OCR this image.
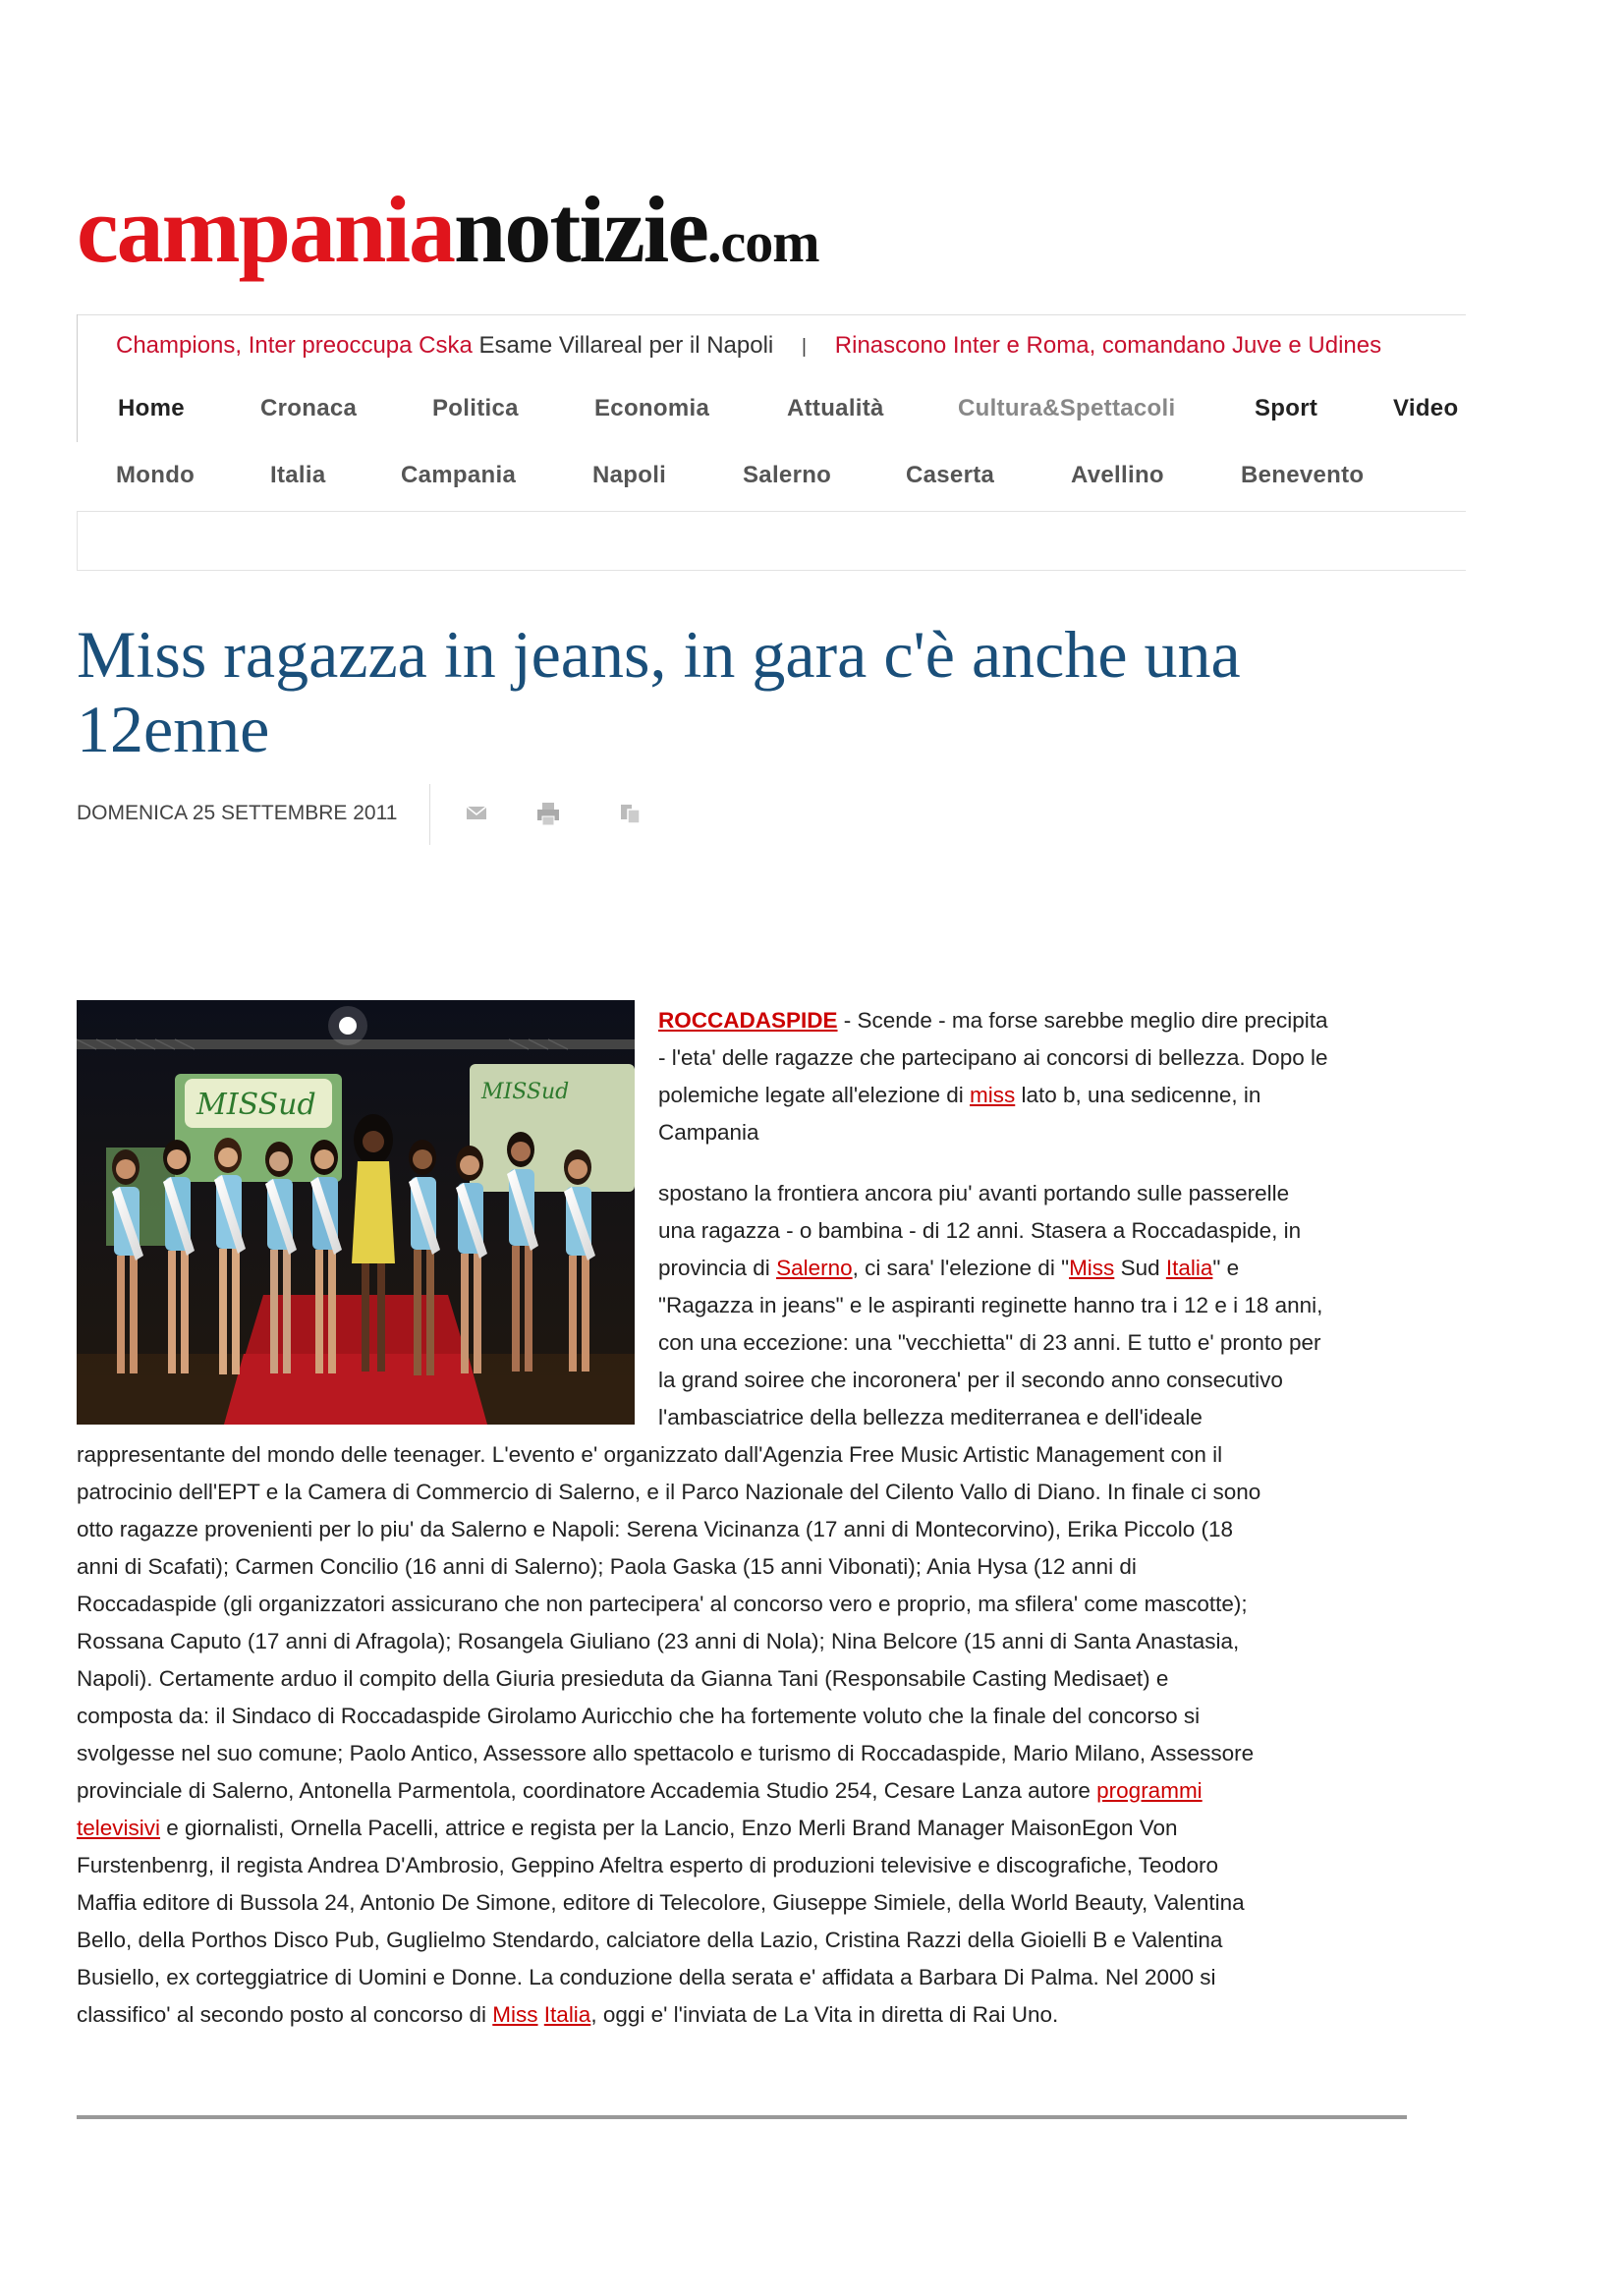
campanianotizie.com
Champions, Inter preoccupa Cska Esame Villareal per il Napoli | Rinascono Inter e Roma, comandano Juve e Udines
Home	Cronaca	Politica	Economia	Attualità	Cultura&Spettacoli	Sport	Video
Mondo	Italia	Campania	Napoli	Salerno	Caserta	Avellino	Benevento
Miss ragazza in jeans, in gara c'è anche una 12enne
DOMENICA 25 SETTEMBRE 2011
MISSud	MISSud
ROCCADASPIDE - Scende - ma forse sarebbe meglio dire precipita
- l'eta' delle ragazze che partecipano ai concorsi di bellezza. Dopo le
polemiche legate all'elezione di miss lato b, una sedicenne, in
Campania
spostano la frontiera ancora piu' avanti portando sulle passerelle
una ragazza - o bambina - di 12 anni. Stasera a Roccadaspide, in
provincia di Salerno, ci sara' l'elezione di "Miss Sud Italia" e
"Ragazza in jeans" e le aspiranti reginette hanno tra i 12 e i 18 anni,
con una eccezione: una "vecchietta" di 23 anni. E tutto e' pronto per
la grand soiree che incoronera' per il secondo anno consecutivo
l'ambasciatrice della bellezza mediterranea e dell'ideale
rappresentante del mondo delle teenager. L'evento e' organizzato dall'Agenzia Free Music Artistic Management con il
patrocinio dell'EPT e la Camera di Commercio di Salerno, e il Parco Nazionale del Cilento Vallo di Diano. In finale ci sono
otto ragazze provenienti per lo piu' da Salerno e Napoli: Serena Vicinanza (17 anni di Montecorvino), Erika Piccolo (18
anni di Scafati); Carmen Concilio (16 anni di Salerno); Paola Gaska (15 anni Vibonati); Ania Hysa (12 anni di
Roccadaspide (gli organizzatori assicurano che non partecipera' al concorso vero e proprio, ma sfilera' come mascotte);
Rossana Caputo (17 anni di Afragola); Rosangela Giuliano (23 anni di Nola); Nina Belcore (15 anni di Santa Anastasia,
Napoli). Certamente arduo il compito della Giuria presieduta da Gianna Tani (Responsabile Casting Medisaet) e
composta da: il Sindaco di Roccadaspide Girolamo Auricchio che ha fortemente voluto che la finale del concorso si
svolgesse nel suo comune; Paolo Antico, Assessore allo spettacolo e turismo di Roccadaspide, Mario Milano, Assessore
provinciale di Salerno, Antonella Parmentola, coordinatore Accademia Studio 254, Cesare Lanza autore programmi
televisivi e giornalisti, Ornella Pacelli, attrice e regista per la Lancio, Enzo Merli Brand Manager MaisonEgon Von
Furstenbenrg, il regista Andrea D'Ambrosio, Geppino Afeltra esperto di produzioni televisive e discografiche, Teodoro
Maffia editore di Bussola 24, Antonio De Simone, editore di Telecolore, Giuseppe Simiele, della World Beauty, Valentina
Bello, della Porthos Disco Pub, Guglielmo Stendardo, calciatore della Lazio, Cristina Razzi della Gioielli B e Valentina
Busiello, ex corteggiatrice di Uomini e Donne. La conduzione della serata e' affidata a Barbara Di Palma. Nel 2000 si
classifico' al secondo posto al concorso di Miss Italia, oggi e' l'inviata de La Vita in diretta di Rai Uno.
